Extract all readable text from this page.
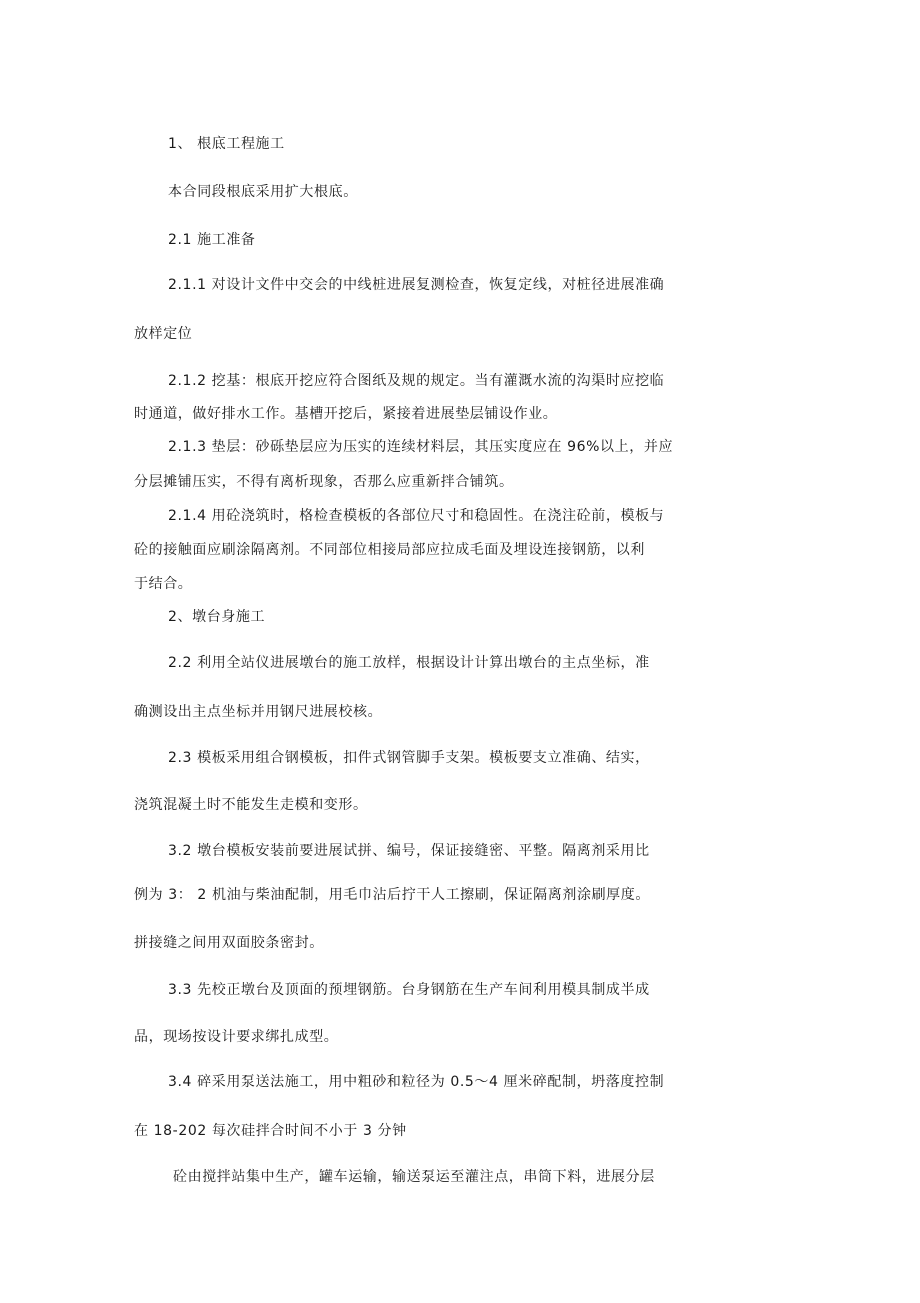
1、 根底工程施工
本合同段根底采用扩大根底。
2.1 施工准备
2.1.1 对设计文件中交会的中线桩进展复测检查，恢复定线，对桩径进展准确
放样定位
2.1.2 挖基：根底开挖应符合图纸及规的规定。当有灌溉水流的沟渠时应挖临
时通道，做好排水工作。基槽开挖后，紧接着进展垫层铺设作业。
2.1.3 垫层：砂砾垫层应为压实的连续材料层，其压实度应在 96%以上，并应
分层摊铺压实，不得有离析现象，否那么应重新拌合铺筑。
2.1.4 用砼浇筑时，格检查模板的各部位尺寸和稳固性。在浇注砼前，模板与
砼的接触面应刷涂隔离剂。不同部位相接局部应拉成毛面及埋设连接钢筋，以利
于结合。
2、墩台身施工
2.2 利用全站仪进展墩台的施工放样，根据设计计算出墩台的主点坐标，准
确测设出主点坐标并用钢尺进展校核。
2.3 模板采用组合钢模板，扣件式钢管脚手支架。模板要支立准确、结实，
浇筑混凝土时不能发生走模和变形。
3.2 墩台模板安装前要进展试拼、编号，保证接缝密、平整。隔离剂采用比
例为 3： 2 机油与柴油配制，用毛巾沾后拧干人工擦刷，保证隔离剂涂刷厚度。
拼接缝之间用双面胶条密封。
3.3 先校正墩台及顶面的预埋钢筋。台身钢筋在生产车间利用模具制成半成
品，现场按设计要求绑扎成型。
3.4 碎采用泵送法施工，用中粗砂和粒径为 0.5～4 厘米碎配制，坍落度控制
在 18-202 每次硅拌合时间不小于 3 分钟
砼由搅拌站集中生产，罐车运输，输送泵运至灌注点，串筒下料，进展分层
